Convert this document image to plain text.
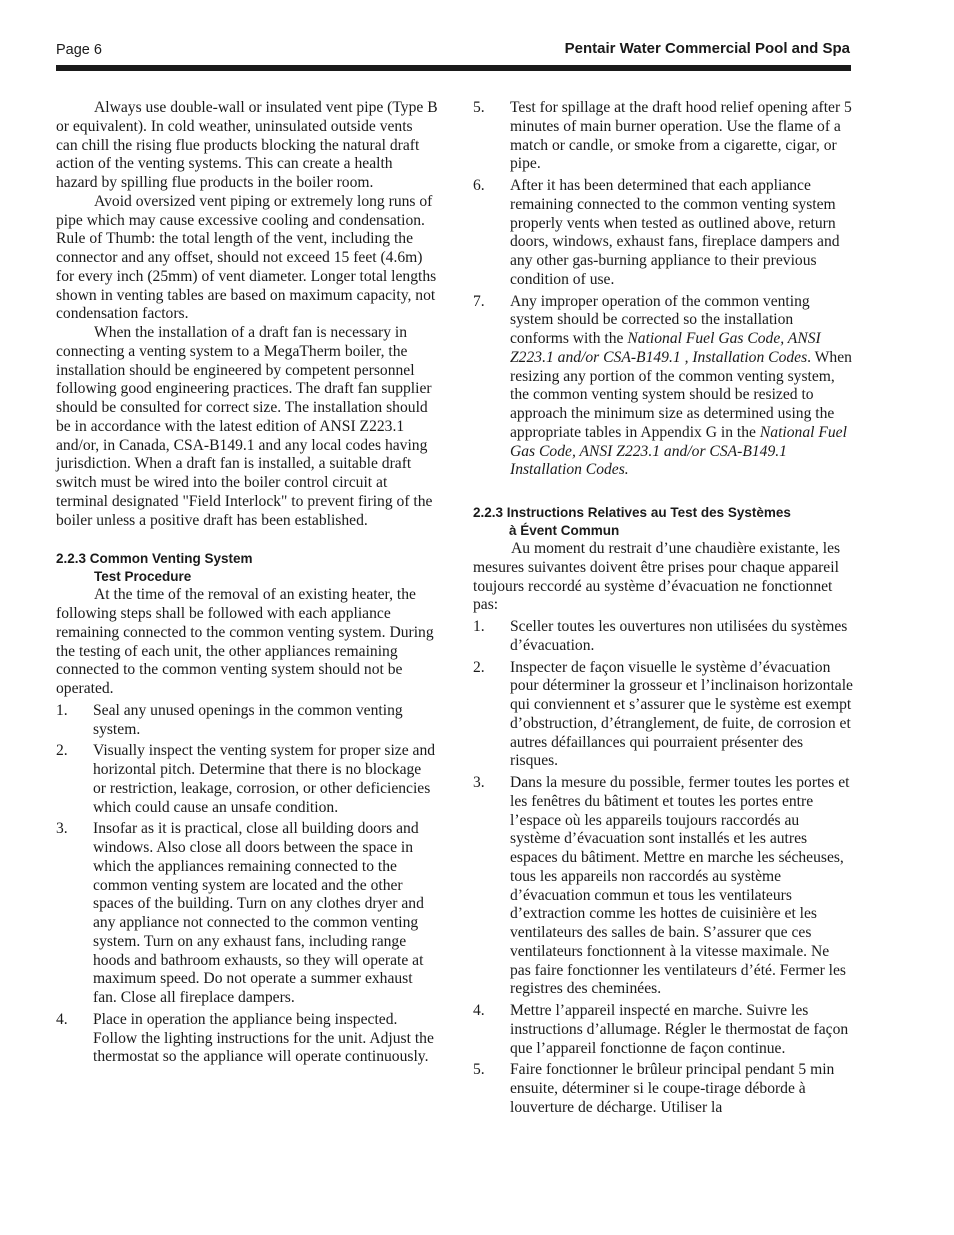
Page 6	Pentair Water Commercial Pool and Spa

Always use double-wall or insulated vent pipe (Type B or equivalent). In cold weather, uninsulated outside vents can chill the rising flue products blocking the natural draft action of the venting systems. This can create a health hazard by spilling flue products in the boiler room.

Avoid oversized vent piping or extremely long runs of pipe which may cause excessive cooling and condensation. Rule of Thumb: the total length of the vent, including the connector and any offset, should not exceed 15 feet (4.6m) for every inch (25mm) of vent diameter. Longer total lengths shown in venting tables are based on maximum capacity, not condensation factors.

When the installation of a draft fan is necessary in connecting a venting system to a MegaTherm boiler, the installation should be engineered by competent personnel following good engineering practices. The draft fan supplier should be consulted for correct size. The installation should be in accordance with the latest edition of ANSI Z223.1 and/or, in Canada, CSA-B149.1 and any local codes having jurisdiction. When a draft fan is installed, a suitable draft switch must be wired into the boiler control circuit at terminal designated "Field Interlock" to prevent firing of the boiler unless a positive draft has been established.

2.2.3 Common Venting System
Test Procedure

At the time of the removal of an existing heater, the following steps shall be followed with each appliance remaining connected to the common venting system. During the testing of each unit, the other appliances remaining connected to the common venting system should not be operated.

1. Seal any unused openings in the common venting system.
2. Visually inspect the venting system for proper size and horizontal pitch. Determine that there is no blockage or restriction, leakage, corrosion, or other deficiencies which could cause an unsafe condition.
3. Insofar as it is practical, close all building doors and windows. Also close all doors between the space in which the appliances remaining connected to the common venting system are located and the other spaces of the building. Turn on any clothes dryer and any appliance not connected to the common venting system. Turn on any exhaust fans, including range hoods and bathroom exhausts, so they will operate at maximum speed. Do not operate a summer exhaust fan. Close all fireplace dampers.
4. Place in operation the appliance being inspected. Follow the lighting instructions for the unit. Adjust the thermostat so the appliance will operate continuously.
5. Test for spillage at the draft hood relief opening after 5 minutes of main burner operation. Use the flame of a match or candle, or smoke from a cigarette, cigar, or pipe.
6. After it has been determined that each appliance remaining connected to the common venting system properly vents when tested as outlined above, return doors, windows, exhaust fans, fireplace dampers and any other gas-burning appliance to their previous condition of use.
7. Any improper operation of the common venting system should be corrected so the installation conforms with the National Fuel Gas Code, ANSI Z223.1 and/or CSA-B149.1 , Installation Codes. When resizing any portion of the common venting system, the common venting system should be resized to approach the minimum size as determined using the appropriate tables in Appendix G in the National Fuel Gas Code, ANSI Z223.1 and/or CSA-B149.1 Installation Codes.
2.2.3 Instructions Relatives au Test des Systèmes
à Évent Commun

Au moment du restrait d’une chaudière existante, les mesures suivantes doivent être prises pour chaque appareil toujours reccordé au système d’évacuation ne fonctionnet pas:

1. Sceller toutes les ouvertures non utilisées du systèmes d’évacuation.
2. Inspecter de façon visuelle le système d’évacuation pour déterminer la grosseur et l’inclinaison horizontale qui conviennent et s’assurer que le système est exempt d’obstruction, d’étranglement, de fuite, de corrosion et autres défaillances qui pourraient présenter des risques.
3. Dans la mesure du possible, fermer toutes les portes et les fenêtres du bâtiment et toutes les portes entre l’espace où les appareils toujours raccordés au système d’évacuation sont installés et les autres espaces du bâtiment. Mettre en marche les sécheuses, tous les appareils non raccordés au système d’évacuation commun et tous les ventilateurs d’extraction comme les hottes de cuisinière et les ventilateurs des salles de bain. S’assurer que ces ventilateurs fonctionnent à la vitesse maximale. Ne pas faire fonctionner les ventilateurs d’été. Fermer les registres des cheminées.
4. Mettre l’appareil inspecté en marche. Suivre les instructions d’allumage. Régler le thermostat de façon que l’appareil fonctionne de façon continue.
5. Faire fonctionner le brûleur principal pendant 5 min ensuite, déterminer si le coupe-tirage déborde à louverture de décharge. Utiliser la
